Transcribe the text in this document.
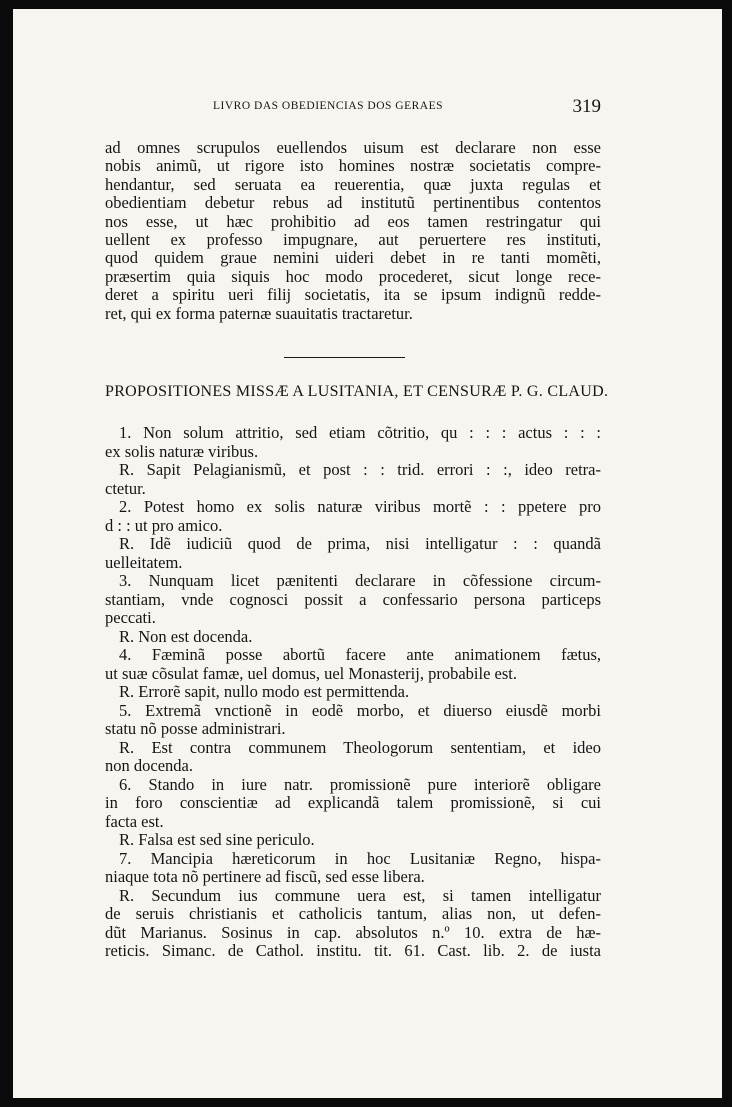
LIVRO DAS OBEDIENCIAS DOS GERAES	319
ad omnes scrupulos euellendos uisum est declarare non esse
nobis animũ, ut rigore isto homines nostræ societatis compre-
hendantur, sed seruata ea reuerentia, quæ juxta regulas et
obedientiam debetur rebus ad institutũ pertinentibus contentos
nos esse, ut hæc prohibitio ad eos tamen restringatur qui
uellent ex professo impugnare, aut peruertere res instituti,
quod quidem graue nemini uideri debet in re tanti momẽti,
præsertim quia siquis hoc modo procederet, sicut longe rece-
deret a spiritu ueri filij societatis, ita se ipsum indignũ redde-
ret, qui ex forma paternæ suauitatis tractaretur.
PROPOSITIONES MISSÆ A LUSITANIA, ET CENSURÆ P. G. CLAUD.
1. Non solum attritio, sed etiam cõtritio, qu : : : actus : : :
ex solis naturæ viribus.
R. Sapit Pelagianismũ, et post : : trid. errori : :, ideo retra-
ctetur.
2. Potest homo ex solis naturæ viribus mortẽ : : ppetere pro
d : : ut pro amico.
R. Idẽ iudiciũ quod de prima, nisi intelligatur : : quandã
uelleitatem.
3. Nunquam licet pænitenti declarare in cõfessione circum-
stantiam, vnde cognosci possit a confessario persona particeps
peccati.
R. Non est docenda.
4. Fæminã posse abortũ facere ante animationem fætus,
ut suæ cõsulat famæ, uel domus, uel Monasterij, probabile est.
R. Errorẽ sapit, nullo modo est permittenda.
5. Extremã vnctionẽ in eodẽ morbo, et diuerso eiusdẽ morbi
statu nõ posse administrari.
R. Est contra communem Theologorum sententiam, et ideo
non docenda.
6. Stando in iure natr. promissionẽ pure interiorẽ obligare
in foro conscientiæ ad explicandã talem promissionẽ, si cui
facta est.
R. Falsa est sed sine periculo.
7. Mancipia hæreticorum in hoc Lusitaniæ Regno, hispa-
niaque tota nõ pertinere ad fiscũ, sed esse libera.
R. Secundum ius commune uera est, si tamen intelligatur
de seruis christianis et catholicis tantum, alias non, ut defen-
dũt Marianus. Sosinus in cap. absolutos n.º 10. extra de hæ-
reticis. Simanc. de Cathol. institu. tit. 61. Cast. lib. 2. de iusta
